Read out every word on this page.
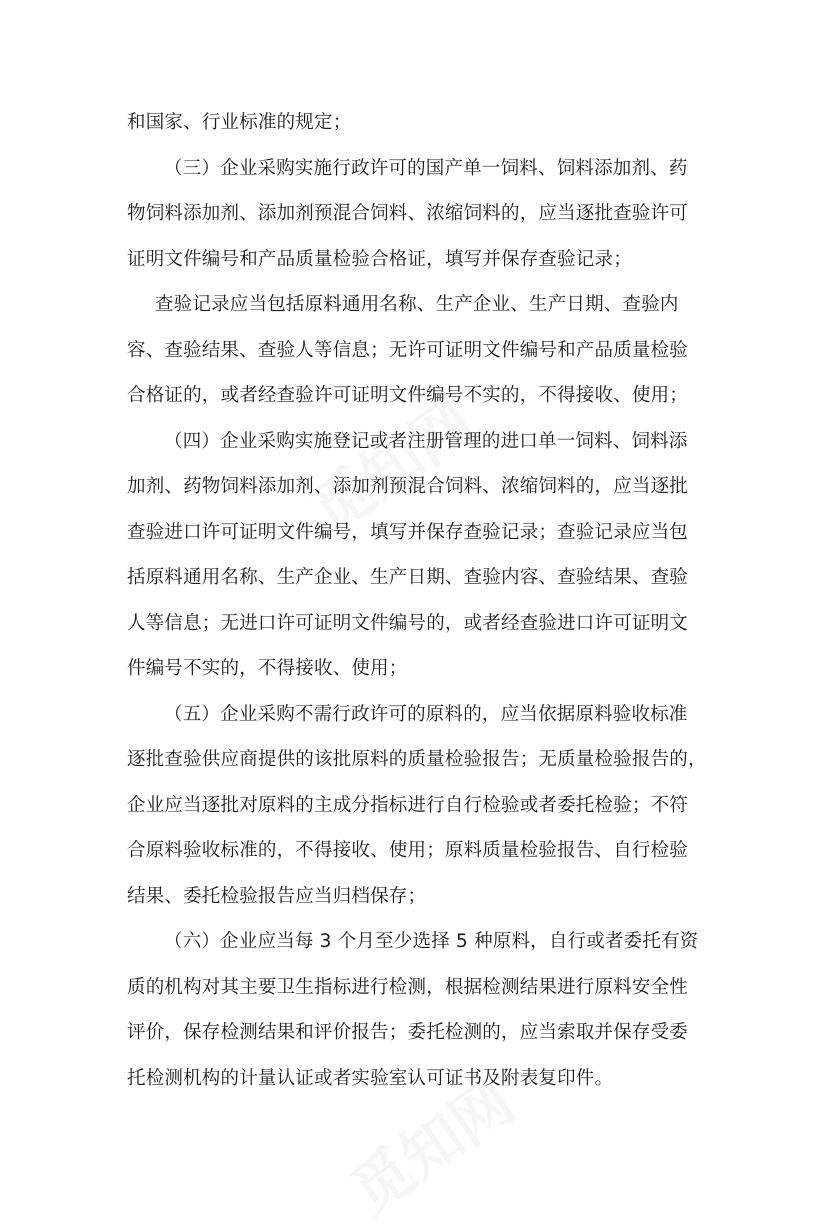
和国家、行业标准的规定；

（三）企业采购实施行政许可的国产单一饲料、饲料添加剂、药
物饲料添加剂、添加剂预混合饲料、浓缩饲料的，应当逐批查验许可
证明文件编号和产品质量检验合格证，填写并保存查验记录；

查验记录应当包括原料通用名称、生产企业、生产日期、查验内
容、查验结果、查验人等信息；无许可证明文件编号和产品质量检验
合格证的，或者经查验许可证明文件编号不实的，不得接收、使用；

（四）企业采购实施登记或者注册管理的进口单一饲料、饲料添
加剂、药物饲料添加剂、添加剂预混合饲料、浓缩饲料的，应当逐批
查验进口许可证明文件编号，填写并保存查验记录；查验记录应当包
括原料通用名称、生产企业、生产日期、查验内容、查验结果、查验
人等信息；无进口许可证明文件编号的，或者经查验进口许可证明文
件编号不实的，不得接收、使用；

（五）企业采购不需行政许可的原料的，应当依据原料验收标准
逐批查验供应商提供的该批原料的质量检验报告；无质量检验报告的，
企业应当逐批对原料的主成分指标进行自行检验或者委托检验；不符
合原料验收标准的，不得接收、使用；原料质量检验报告、自行检验
结果、委托检验报告应当归档保存；

（六）企业应当每 3 个月至少选择 5 种原料，自行或者委托有资
质的机构对其主要卫生指标进行检测，根据检测结果进行原料安全性
评价，保存检测结果和评价报告；委托检测的，应当索取并保存受委
托检测机构的计量认证或者实验室认可证书及附表复印件。
